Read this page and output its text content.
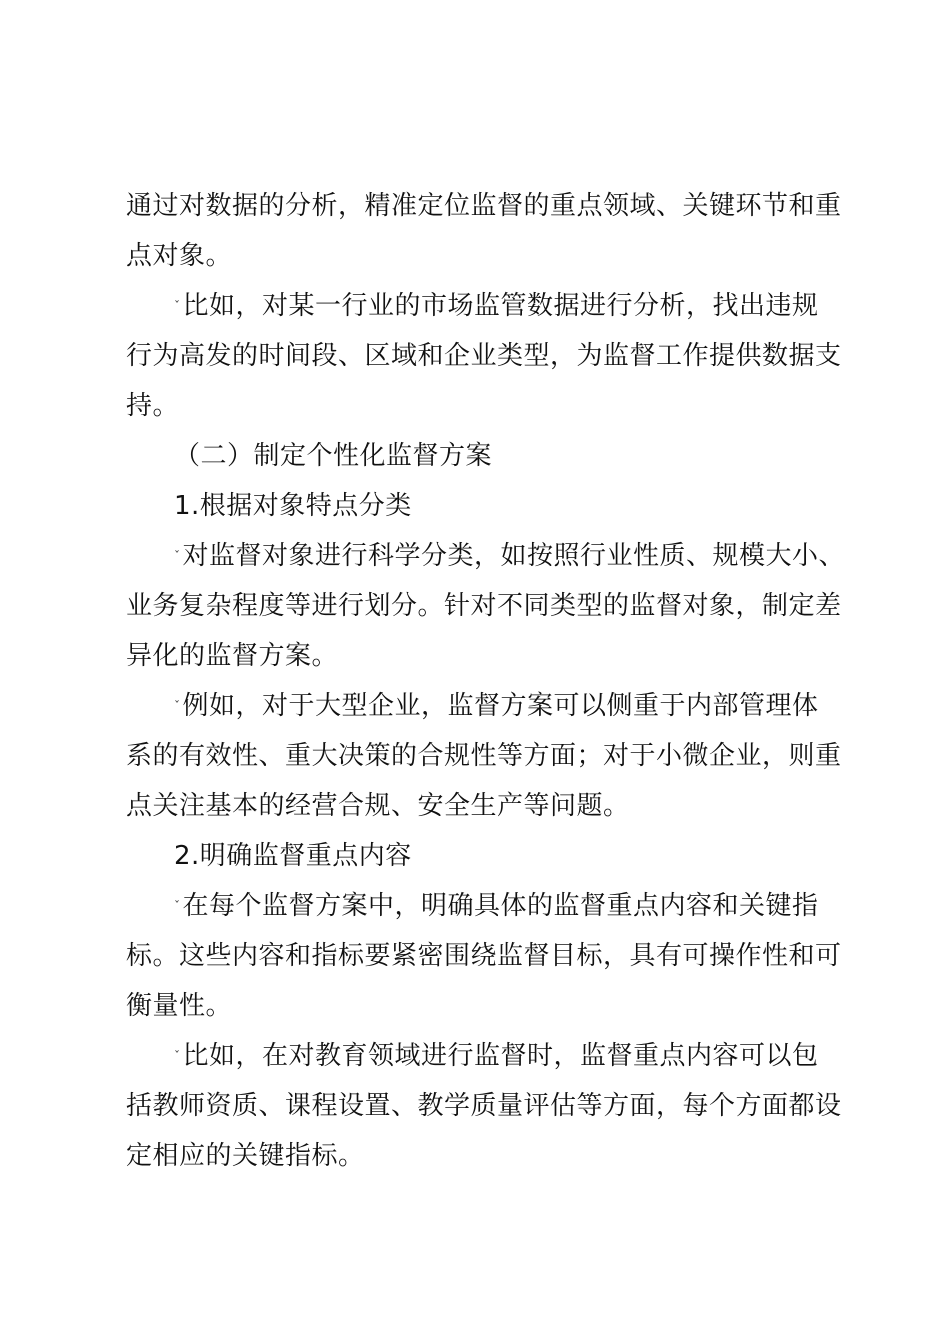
通过对数据的分析，精准定位监督的重点领域、关键环节和重
点对象。
ˇ比如，对某一行业的市场监管数据进行分析，找出违规
行为高发的时间段、区域和企业类型，为监督工作提供数据支
持。
（二）制定个性化监督方案
1.根据对象特点分类
ˇ对监督对象进行科学分类，如按照行业性质、规模大小、
业务复杂程度等进行划分。针对不同类型的监督对象，制定差
异化的监督方案。
ˇ例如，对于大型企业，监督方案可以侧重于内部管理体
系的有效性、重大决策的合规性等方面；对于小微企业，则重
点关注基本的经营合规、安全生产等问题。
2.明确监督重点内容
ˇ在每个监督方案中，明确具体的监督重点内容和关键指
标。这些内容和指标要紧密围绕监督目标，具有可操作性和可
衡量性。
ˇ比如，在对教育领域进行监督时，监督重点内容可以包
括教师资质、课程设置、教学质量评估等方面，每个方面都设
定相应的关键指标。
